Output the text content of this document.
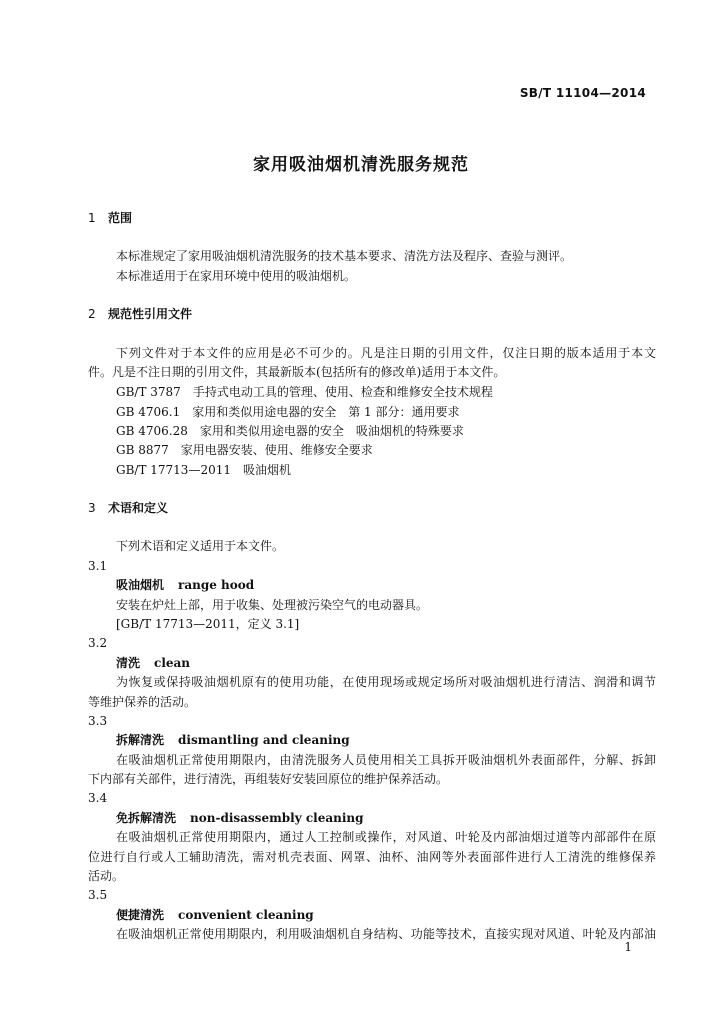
SB/T 11104—2014
家用吸油烟机清洗服务规范
1 范围
本标准规定了家用吸油烟机清洗服务的技术基本要求、清洗方法及程序、查验与测评。
本标准适用于在家用环境中使用的吸油烟机。
2 规范性引用文件
下列文件对于本文件的应用是必不可少的。凡是注日期的引用文件，仅注日期的版本适用于本文
件。凡是不注日期的引用文件，其最新版本(包括所有的修改单)适用于本文件。
GB/T 3787 手持式电动工具的管理、使用、检查和维修安全技术规程
GB 4706.1 家用和类似用途电器的安全　第 1 部分：通用要求
GB 4706.28 家用和类似用途电器的安全　吸油烟机的特殊要求
GB 8877 家用电器安装、使用、维修安全要求
GB/T 17713—2011 吸油烟机
3 术语和定义
下列术语和定义适用于本文件。
3.1
吸油烟机 range hood
安装在炉灶上部，用于收集、处理被污染空气的电动器具。
[GB/T 17713—2011，定义 3.1]
3.2
清洗 clean
为恢复或保持吸油烟机原有的使用功能，在使用现场或规定场所对吸油烟机进行清洁、润滑和调节
等维护保养的活动。
3.3
拆解清洗 dismantling and cleaning
在吸油烟机正常使用期限内，由清洗服务人员使用相关工具拆开吸油烟机外表面部件，分解、拆卸
下内部有关部件，进行清洗，再组装好安装回原位的维护保养活动。
3.4
免拆解清洗 non-disassembly cleaning
在吸油烟机正常使用期限内，通过人工控制或操作，对风道、叶轮及内部油烟过道等内部部件在原
位进行自行或人工辅助清洗，需对机壳表面、网罩、油杯、油网等外表面部件进行人工清洗的维修保养
活动。
3.5
便捷清洗 convenient cleaning
在吸油烟机正常使用期限内，利用吸油烟机自身结构、功能等技术，直接实现对风道、叶轮及内部油
1
